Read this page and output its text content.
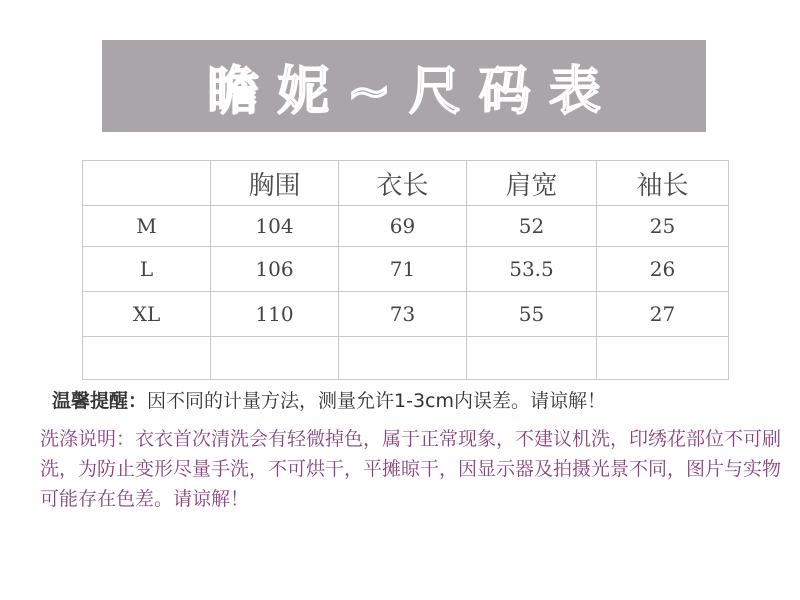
瞻妮~尺码表
	胸围	衣长	肩宽	袖长
M	104	69	52	25
L	106	71	53.5	26
XL	110	73	55	27

温馨提醒：因不同的计量方法，测量允许1-3cm内误差。请谅解！

洗涤说明：衣衣首次清洗会有轻微掉色，属于正常现象，不建议机洗，印绣花部位不可刷洗，为防止变形尽量手洗，不可烘干，平摊晾干，因显示器及拍摄光景不同，图片与实物可能存在色差。请谅解！
